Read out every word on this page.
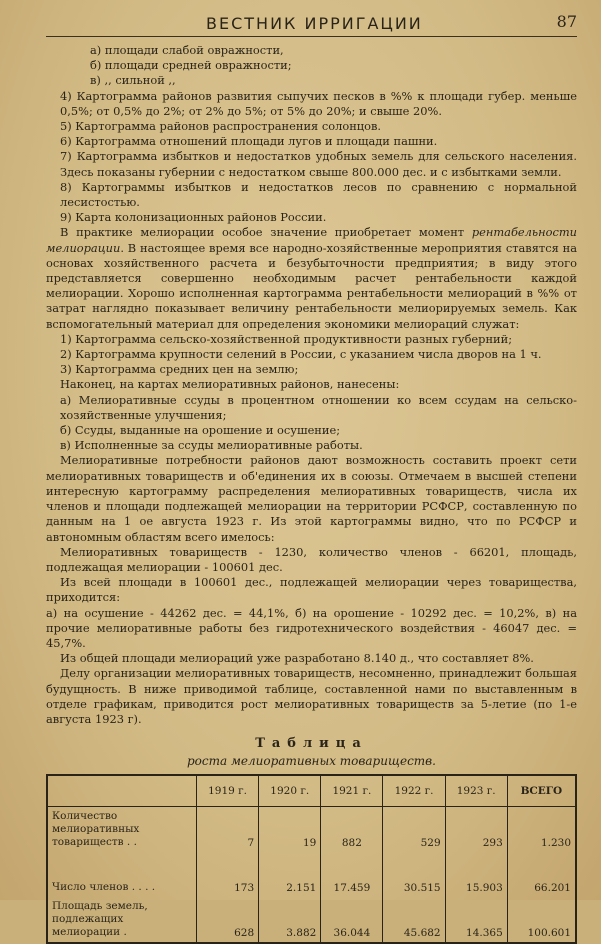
ВЕСТНИК ИРРИГАЦИИ	87

а) площади слабой овражности,

б) площади средней овражности;

в) ,, сильной ,,

4) Картограмма районов развития сыпучих песков в %% к площади губер. меньше 0,5%; от 0,5% до 2%; от 2% до 5%; от 5% до 20%; и свыше 20%.

5) Картограмма районов распространения солонцов.

6) Картограмма отношений площади лугов и площади пашни.

7) Картограмма избытков и недостатков удобных земель для сельского населения. Здесь показаны губернии с недостатком свыше 800.000 дес. и с избытками земли.

8) Картограммы избытков и недостатков лесов по сравнению с нормальной лесистостью.

9) Карта колонизационных районов России.

В практике мелиорации особое значение приобретает момент рентабельности мелиорации. В настоящее время все народно-хозяйственные мероприятия ставятся на основах хозяйственного расчета и безубыточности предприятия; в виду этого представляется совершенно необходимым расчет рентабельности каждой мелиорации. Хорошо исполненная картограмма рентабельности мелиораций в %% от затрат наглядно показывает величину рентабельности мелиорируемых земель. Как вспомогательный материал для определения экономики мелиораций служат:

1) Картограмма сельско-хозяйственной продуктивности разных губерний;

2) Картограмма крупности селений в России, с указанием числа дворов на 1 ч.

3) Картограмма средних цен на землю;

Наконец, на картах мелиоративных районов, нанесены:

а) Мелиоративные ссуды в процентном отношении ко всем ссудам на сельско-хозяйственные улучшения;

б) Ссуды, выданные на орошение и осушение;

в) Исполненные за ссуды мелиоративные работы.

Мелиоративные потребности районов дают возможность составить проект сети мелиоративных товариществ и об'единения их в союзы. Отмечаем в высшей степени интересную картограмму распределения мелиоративных товариществ, числа их членов и площади подлежащей мелиорации на территории РСФСР, составленную по данным на 1 ое августа 1923 г. Из этой картограммы видно, что по РСФСР и автономным областям всего имелось:

Мелиоративных товариществ - 1230, количество членов - 66201, площадь, подлежащая мелиорации - 100601 дес.

Из всей площади в 100601 дес., подлежащей мелиорации через товарищества, приходится:

а) на осушение - 44262 дес. = 44,1%, б) на орошение - 10292 дес. = 10,2%, в) на прочие мелиоративные работы без гидротехнического воздействия - 46047 дес. = 45,7%.

Из общей площади мелиораций уже разработано 8.140 д., что составляет 8%.

Делу организации мелиоративных товариществ, несомненно, принадлежит большая будущность. В ниже приводимой таблице, составленной нами по выставленным в отделе графикам, приводится рост мелиоративных товариществ за 5-летие (по 1-е августа 1923 г).

Таблица
роста мелиоративных товариществ.
	1919 г.	1920 г.	1921 г.	1922 г.	1923 г.	ВСЕГО
Количество мелиоративных товариществ . .	7	19	882	529	293	1.230
Число членов . . . .	173	2.151	17.459	30.515	15.903	66.201
Площадь земель, подлежащих мелиорации .	628	3.882	36.044	45.682	14.365	100.601
